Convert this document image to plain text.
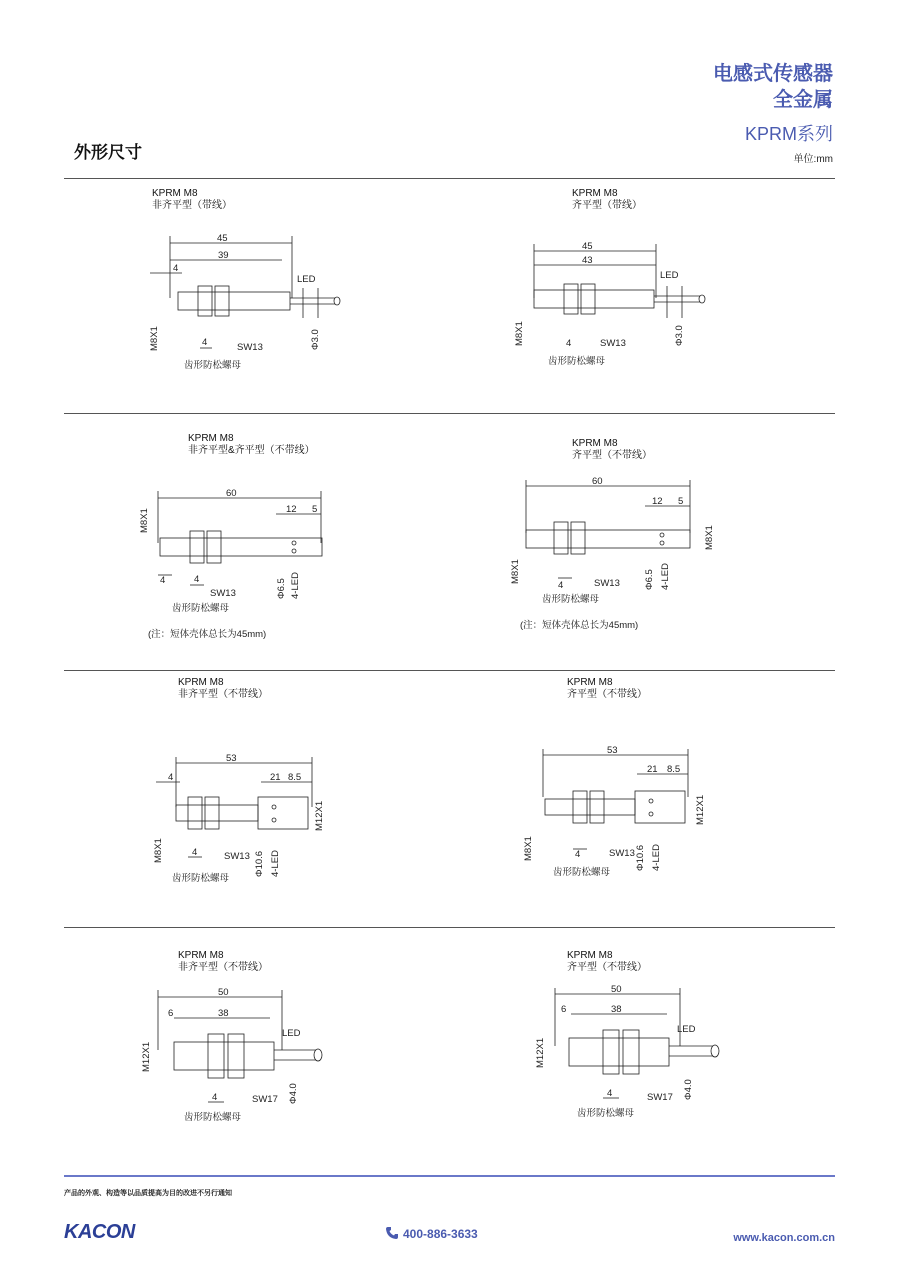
电感式传感器
全金属
KPRM系列
外形尺寸	单位:mm
KPRM M8
非齐平型（带线）
45
39
4
4
LED
M8X1	SW13	Φ3.0
齿形防松螺母
KPRM M8
齐平型（带线）
45
43
4
LED
M8X1	SW13	Φ3.0
齿形防松螺母
KPRM M8
非齐平型&齐平型（不带线）
60
12 5
M8X1
4	4
SW13	Φ6.5 4-LED
齿形防松螺母
(注：短体壳体总长为45mm)
KPRM M8
齐平型（不带线）
60
12 5
M8X1
M8X1
4	SW13	Φ6.5 4-LED
齿形防松螺母
(注：短体壳体总长为45mm)
KPRM M8
非齐平型（不带线）
53
4	21 8.5
M12X1
M8X1	4	SW13 Φ10.6 4-LED
齿形防松螺母
KPRM M8
齐平型（不带线）
53
21 8.5
M12X1
M8X1	4	SW13 Φ10.6 4-LED
齿形防松螺母
KPRM M8
非齐平型（不带线）
50
38
6
LED
M12X1
4	SW17 Φ4.0
齿形防松螺母
KPRM M8
齐平型（不带线）
50
38
6
LED
M12X1
4	SW17 Φ4.0
齿形防松螺母
产品的外观、构造等以品质提高为目的改进不另行通知
KACON	400-886-3633	www.kacon.com.cn
